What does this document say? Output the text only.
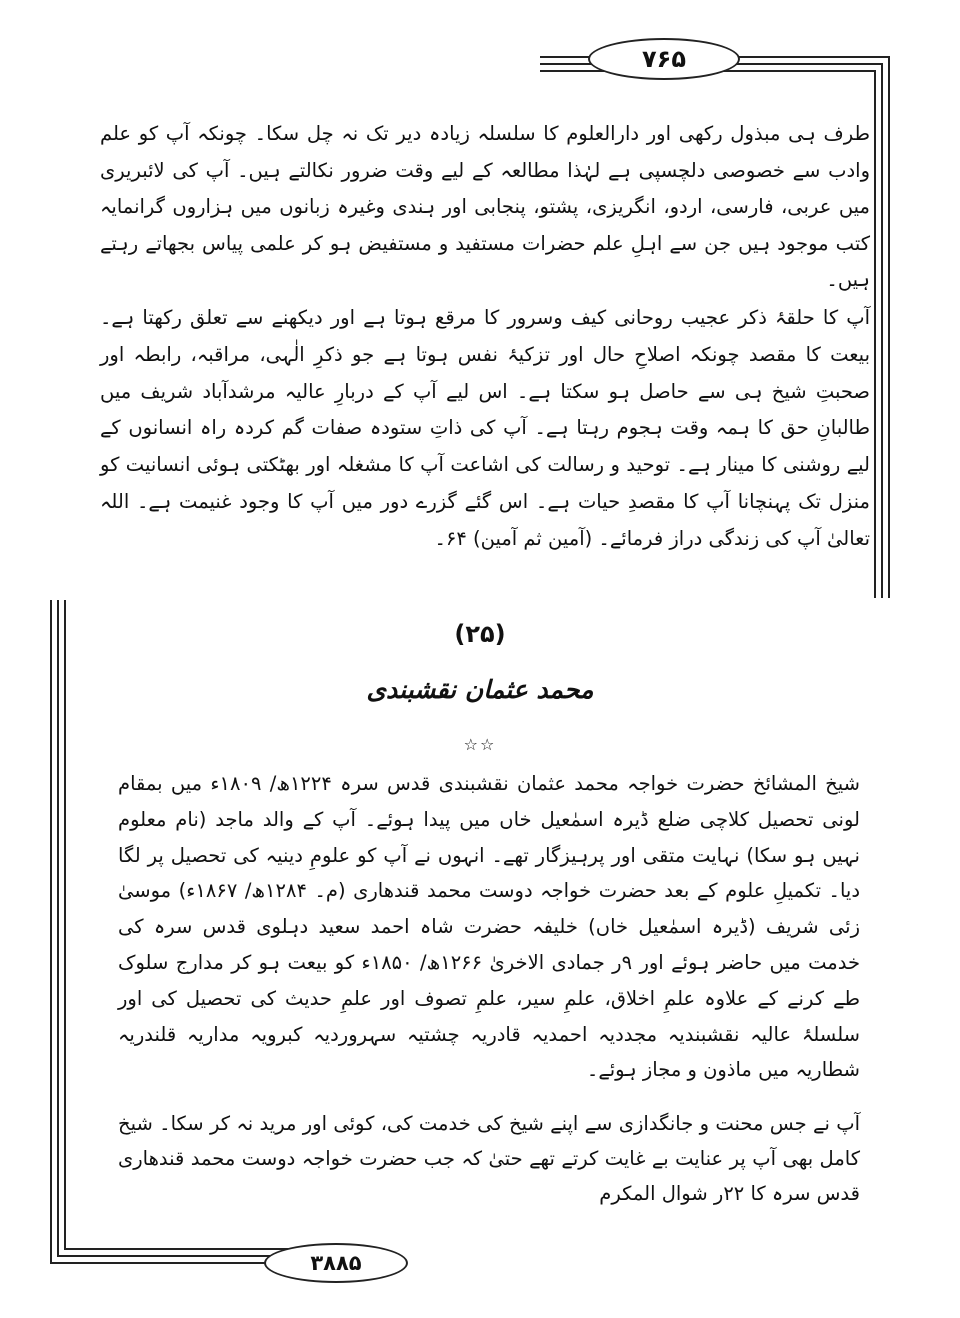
۷۶۵

طرف ہی مبذول رکھی اور دارالعلوم کا سلسلہ زیادہ دیر تک نہ چل سکا۔ چونکہ آپ کو علم وادب سے خصوصی دلچسپی ہے لہٰذا مطالعہ کے لیے وقت ضرور نکالتے ہیں۔ آپ کی لائبریری میں عربی، فارسی، اردو، انگریزی، پشتو، پنجابی اور ہندی وغیرہ زبانوں میں ہزاروں گرانمایہ کتب موجود ہیں جن سے اہلِ علم حضرات مستفید و مستفیض ہو کر علمی پیاس بجھاتے رہتے ہیں۔

آپ کا حلقۂ ذکر عجیب روحانی کیف وسرور کا مرقع ہوتا ہے اور دیکھنے سے تعلق رکھتا ہے۔ بیعت کا مقصد چونکہ اصلاحِ حال اور تزکیۂ نفس ہوتا ہے جو ذکرِ الٰہی، مراقبہ، رابطہ اور صحبتِ شیخ ہی سے حاصل ہو سکتا ہے۔ اس لیے آپ کے دربارِ عالیہ مرشدآباد شریف میں طالبانِ حق کا ہمہ وقت ہجوم رہتا ہے۔ آپ کی ذاتِ ستودہ صفات گم کردہ راہ انسانوں کے لیے روشنی کا مینار ہے۔ توحید و رسالت کی اشاعت آپ کا مشغلہ اور بھٹکتی ہوئی انسانیت کو منزل تک پہنچانا آپ کا مقصدِ حیات ہے۔ اس گئے گزرے دور میں آپ کا وجود غنیمت ہے۔ اللہ تعالیٰ آپ کی زندگی دراز فرمائے۔ (آمین ثم آمین) ۶۴۔

(۲۵)
محمد عثمان نقشبندی
☆☆

شیخ المشائخ حضرت خواجہ محمد عثمان نقشبندی قدس سرہ ۱۲۲۴ھ/ ۱۸۰۹ء میں بمقام لونی تحصیل کلاچی ضلع ڈیرہ اسمٰعیل خاں میں پیدا ہوئے۔ آپ کے والد ماجد (نام معلوم نہیں ہو سکا) نہایت متقی اور پرہیزگار تھے۔ انہوں نے آپ کو علومِ دینیہ کی تحصیل پر لگا دیا۔ تکمیلِ علوم کے بعد حضرت خواجہ دوست محمد قندھاری (م۔ ۱۲۸۴ھ/ ۱۸۶۷ء) موسیٰ زئی شریف (ڈیرہ اسمٰعیل خاں) خلیفہ حضرت شاہ احمد سعید دہلوی قدس سرہ کی خدمت میں حاضر ہوئے اور ۹ر جمادی الاخریٰ ۱۲۶۶ھ/ ۱۸۵۰ء کو بیعت ہو کر مدارج سلوک طے کرنے کے علاوہ علمِ اخلاق، علمِ سیر، علمِ تصوف اور علمِ حدیث کی تحصیل کی اور سلسلۂ عالیہ نقشبندیہ مجددیہ احمدیہ قادریہ چشتیہ سہروردیہ کبرویہ مداریہ قلندریہ شطاریہ میں ماذون و مجاز ہوئے۔

آپ نے جس محنت و جانگدازی سے اپنے شیخ کی خدمت کی، کوئی اور مرید نہ کر سکا۔ شیخ کامل بھی آپ پر عنایت بے غایت کرتے تھے حتیٰ کہ جب حضرت خواجہ دوست محمد قندھاری قدس سرہ کا ۲۲ر شوال المکرم

۳۸۸۵
